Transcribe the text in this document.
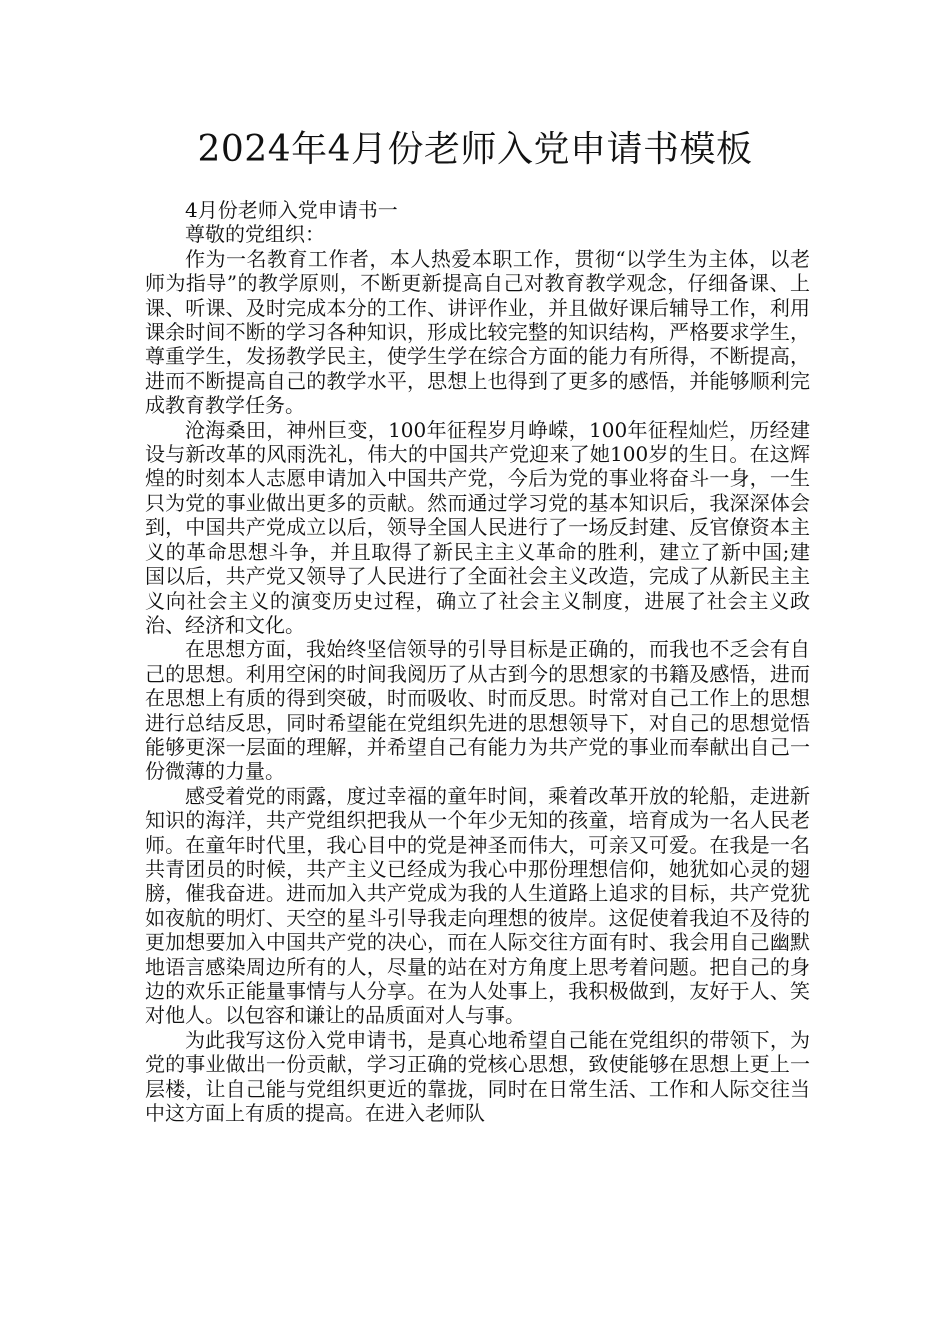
2024年4月份老师入党申请书模板

4月份老师入党申请书一

尊敬的党组织：

作为一名教育工作者，本人热爱本职工作，贯彻“以学生为主体，以老师为指导”的教学原则，不断更新提高自己对教育教学观念，仔细备课、上课、听课、及时完成本分的工作、讲评作业，并且做好课后辅导工作，利用课余时间不断的学习各种知识，形成比较完整的知识结构，严格要求学生，尊重学生，发扬教学民主，使学生学在综合方面的能力有所得，不断提高，进而不断提高自己的教学水平，思想上也得到了更多的感悟，并能够顺利完成教育教学任务。

沧海桑田，神州巨变，100年征程岁月峥嵘，100年征程灿烂，历经建设与新改革的风雨洗礼，伟大的中国共产党迎来了她100岁的生日。在这辉煌的时刻本人志愿申请加入中国共产党，今后为党的事业将奋斗一身，一生只为党的事业做出更多的贡献。然而通过学习党的基本知识后，我深深体会到，中国共产党成立以后，领导全国人民进行了一场反封建、反官僚资本主义的革命思想斗争，并且取得了新民主主义革命的胜利，建立了新中国;建国以后，共产党又领导了人民进行了全面社会主义改造，完成了从新民主主义向社会主义的演变历史过程，确立了社会主义制度，进展了社会主义政治、经济和文化。

在思想方面，我始终坚信领导的引导目标是正确的，而我也不乏会有自己的思想。利用空闲的时间我阅历了从古到今的思想家的书籍及感悟，进而在思想上有质的得到突破，时而吸收、时而反思。时常对自己工作上的思想进行总结反思，同时希望能在党组织先进的思想领导下，对自己的思想觉悟能够更深一层面的理解，并希望自己有能力为共产党的事业而奉献出自己一份微薄的力量。

感受着党的雨露，度过幸福的童年时间，乘着改革开放的轮船，走进新知识的海洋，共产党组织把我从一个年少无知的孩童，培育成为一名人民老师。在童年时代里，我心目中的党是神圣而伟大，可亲又可爱。在我是一名共青团员的时候，共产主义已经成为我心中那份理想信仰，她犹如心灵的翅膀，催我奋进。进而加入共产党成为我的人生道路上追求的目标，共产党犹如夜航的明灯、天空的星斗引导我走向理想的彼岸。这促使着我迫不及待的更加想要加入中国共产党的决心，而在人际交往方面有时、我会用自己幽默地语言感染周边所有的人，尽量的站在对方角度上思考着问题。把自己的身边的欢乐正能量事情与人分享。在为人处事上，我积极做到，友好于人、笑对他人。以包容和谦让的品质面对人与事。

为此我写这份入党申请书，是真心地希望自己能在党组织的带领下，为党的事业做出一份贡献，学习正确的党核心思想，致使能够在思想上更上一层楼，让自己能与党组织更近的靠拢，同时在日常生活、工作和人际交往当中这方面上有质的提高。在进入老师队
